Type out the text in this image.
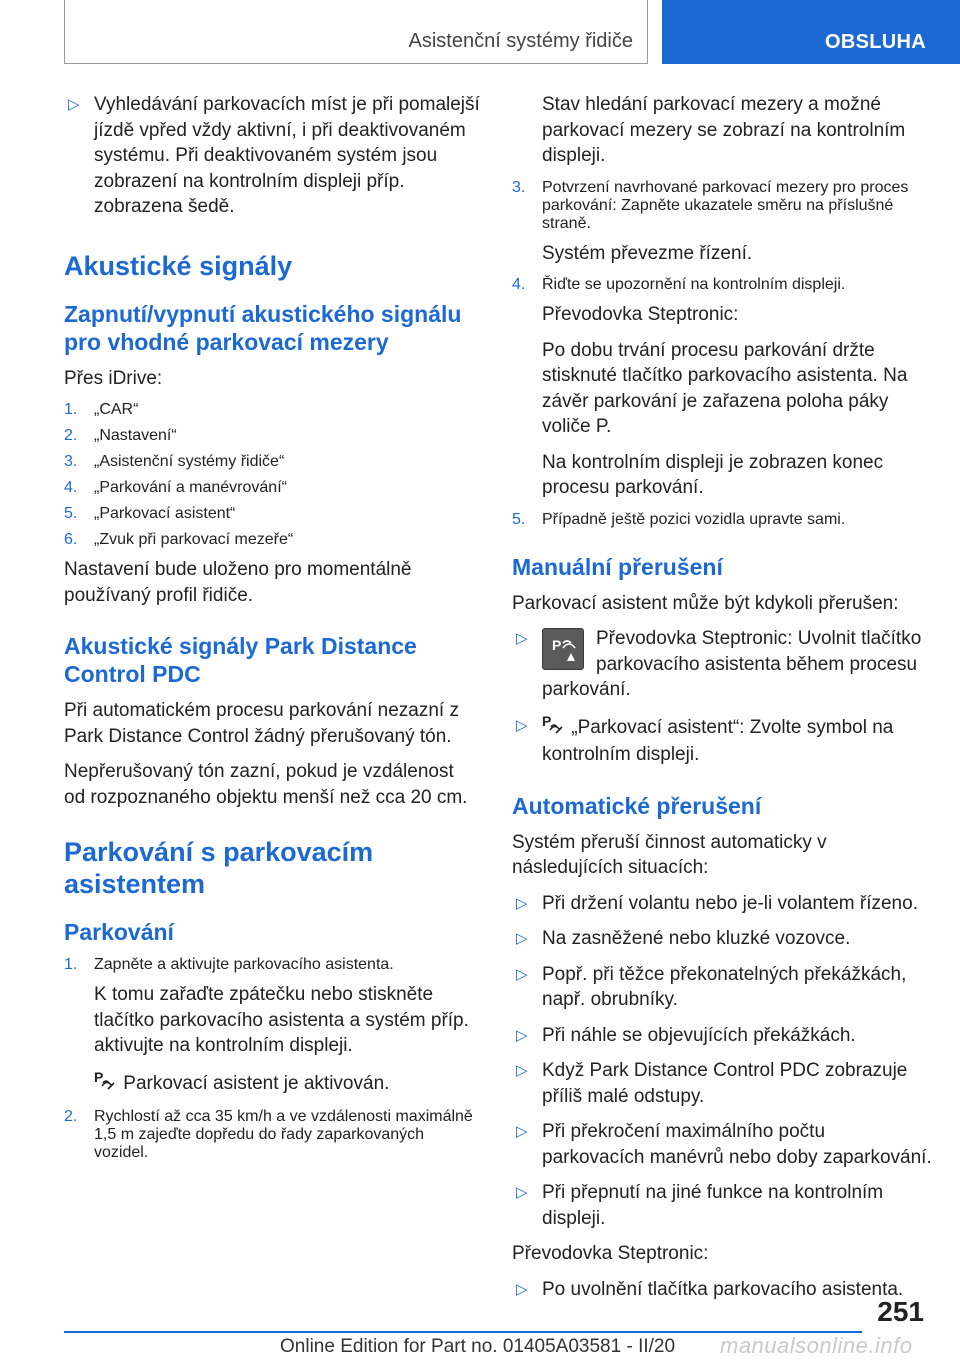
Asistenční systémy řidiče	OBSLUHA

▷ Vyhledávání parkovacích míst je při pomalejší jízdě vpřed vždy aktivní, i při deaktivovaném systému. Při deaktivovaném systém jsou zobrazení na kontrolním displeji příp. zobrazena šedě.

Akustické signály
Zapnutí/vypnutí akustického signálu pro vhodné parkovací mezery

Přes iDrive:

1. „CAR“
2. „Nastavení“
3. „Asistenční systémy řidiče“
4. „Parkování a manévrování“
5. „Parkovací asistent“
6. „Zvuk při parkovací mezeře“

Nastavení bude uloženo pro momentálně používaný profil řidiče.

Akustické signály Park Distance Control PDC

Při automatickém procesu parkování nezazní z Park Distance Control žádný přerušovaný tón.

Nepřerušovaný tón zazní, pokud je vzdálenost od rozpoznaného objektu menší než cca 20 cm.

Parkování s parkovacím asistentem
Parkování
1. Zapněte a aktivujte parkovacího asistenta.

K tomu zařaďte zpátečku nebo stiskněte tlačítko parkovacího asistenta a systém příp. aktivujte na kontrolním displeji.

P Parkovací asistent je aktivován.

2. Rychlostí až cca 35 km/h a ve vzdálenosti maximálně 1,5 m zajeďte dopředu do řady zaparkovaných vozidel.

Stav hledání parkovací mezery a možné parkovací mezery se zobrazí na kontrolním displeji.

3. Potvrzení navrhované parkovací mezery pro proces parkování: Zapněte ukazatele směru na příslušné straně.

Systém převezme řízení.

4. Řiďte se upozornění na kontrolním displeji.

Převodovka Steptronic:

Po dobu trvání procesu parkování držte stisknuté tlačítko parkovacího asistenta. Na závěr parkování je zařazena poloha páky voliče P.

Na kontrolním displeji je zobrazen konec procesu parkování.

5. Případně ještě pozici vozidla upravte sami.
Manuální přerušení

Parkovací asistent může být kdykoli přerušen:

▷ P Převodovka Steptronic: Uvolnit tlačítko parkovacího asistenta během procesu parkování.

▷ P „Parkovací asistent“: Zvolte symbol na kontrolním displeji.

Automatické přerušení

Systém přeruší činnost automaticky v následujících situacích:

▷ Při držení volantu nebo je-li volantem řízeno.

▷ Na zasněžené nebo kluzké vozovce.

▷ Popř. při těžce překonatelných překážkách, např. obrubníky.

▷ Při náhle se objevujících překážkách.

▷ Když Park Distance Control PDC zobrazuje příliš malé odstupy.

▷ Při překročení maximálního počtu parkovacích manévrů nebo doby zaparkování.

▷ Při přepnutí na jiné funkce na kontrolním displeji.

Převodovka Steptronic:

▷ Po uvolnění tlačítka parkovacího asistenta.

251
Online Edition for Part no. 01405A03581 - II/20 manualsonline.info
